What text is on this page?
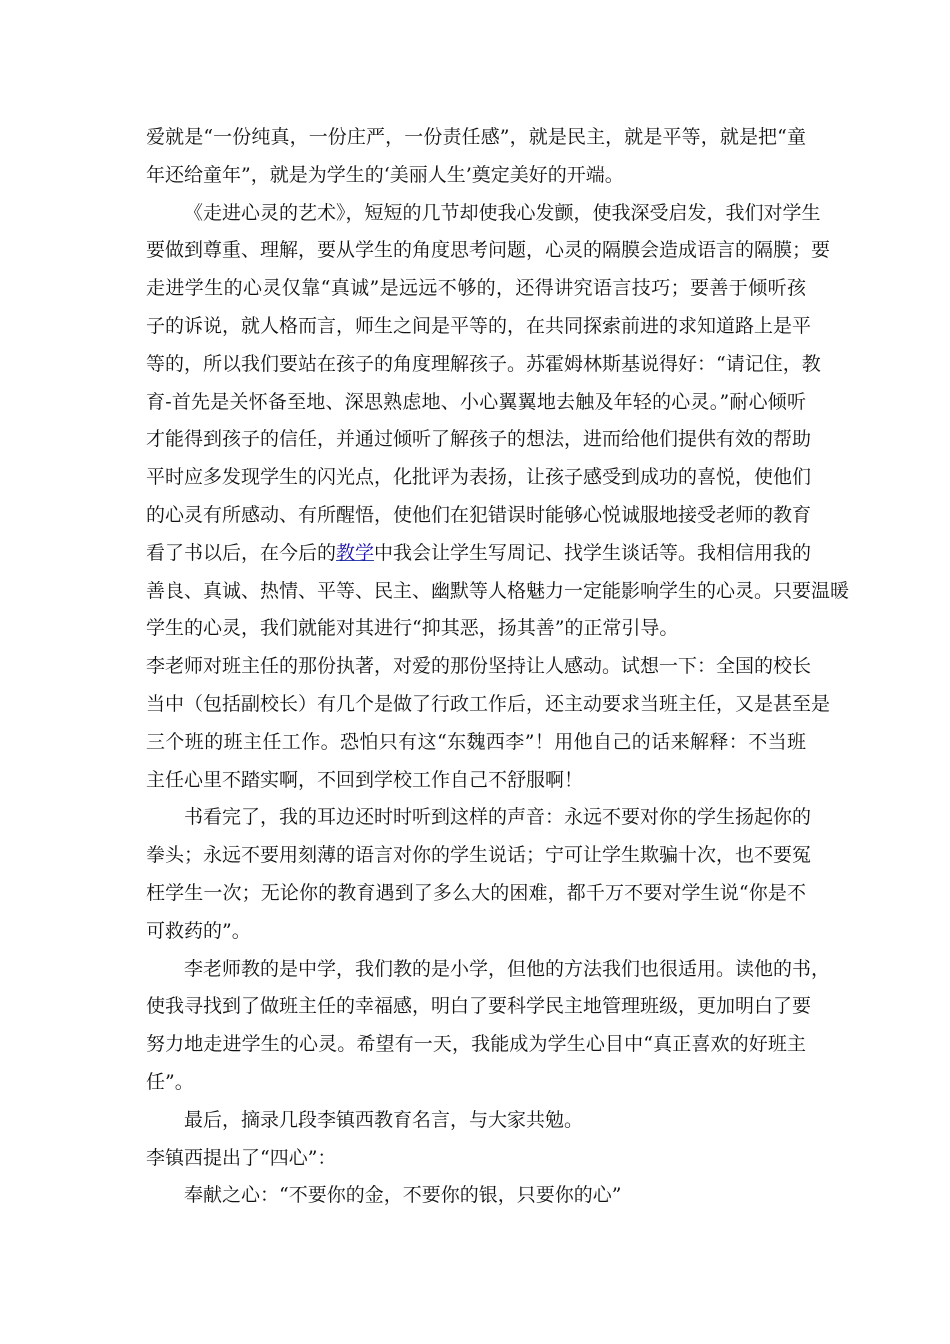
爱就是“一份纯真，一份庄严，一份责任感”，就是民主，就是平等，就是把“童
年还给童年”，就是为学生的‘美丽人生’奠定美好的开端。
《走进心灵的艺术》，短短的几节却使我心发颤，使我深受启发，我们对学生
要做到尊重、理解，要从学生的角度思考问题，心灵的隔膜会造成语言的隔膜；要
走进学生的心灵仅靠“真诚”是远远不够的，还得讲究语言技巧；要善于倾听孩
子的诉说，就人格而言，师生之间是平等的，在共同探索前进的求知道路上是平
等的，所以我们要站在孩子的角度理解孩子。苏霍姆林斯基说得好：“请记住，教
育-首先是关怀备至地、深思熟虑地、小心翼翼地去触及年轻的心灵。”耐心倾听
才能得到孩子的信任，并通过倾听了解孩子的想法，进而给他们提供有效的帮助
平时应多发现学生的闪光点，化批评为表扬，让孩子感受到成功的喜悦，使他们
的心灵有所感动、有所醒悟，使他们在犯错误时能够心悦诚服地接受老师的教育
看了书以后，在今后的教学中我会让学生写周记、找学生谈话等。我相信用我的
善良、真诚、热情、平等、民主、幽默等人格魅力一定能影响学生的心灵。只要温暖
学生的心灵，我们就能对其进行“抑其恶，扬其善”的正常引导。
李老师对班主任的那份执著，对爱的那份坚持让人感动。试想一下：全国的校长
当中（包括副校长）有几个是做了行政工作后，还主动要求当班主任，又是甚至是
三个班的班主任工作。恐怕只有这“东魏西李”！用他自己的话来解释：不当班
主任心里不踏实啊，不回到学校工作自己不舒服啊！
书看完了，我的耳边还时时听到这样的声音：永远不要对你的学生扬起你的
拳头；永远不要用刻薄的语言对你的学生说话；宁可让学生欺骗十次，也不要冤
枉学生一次；无论你的教育遇到了多么大的困难，都千万不要对学生说“你是不
可救药的”。
李老师教的是中学，我们教的是小学，但他的方法我们也很适用。读他的书，
使我寻找到了做班主任的幸福感，明白了要科学民主地管理班级，更加明白了要
努力地走进学生的心灵。希望有一天，我能成为学生心目中“真正喜欢的好班主
任”。
最后，摘录几段李镇西教育名言，与大家共勉。
李镇西提出了“四心”：
奉献之心：“不要你的金，不要你的银，只要你的心”
